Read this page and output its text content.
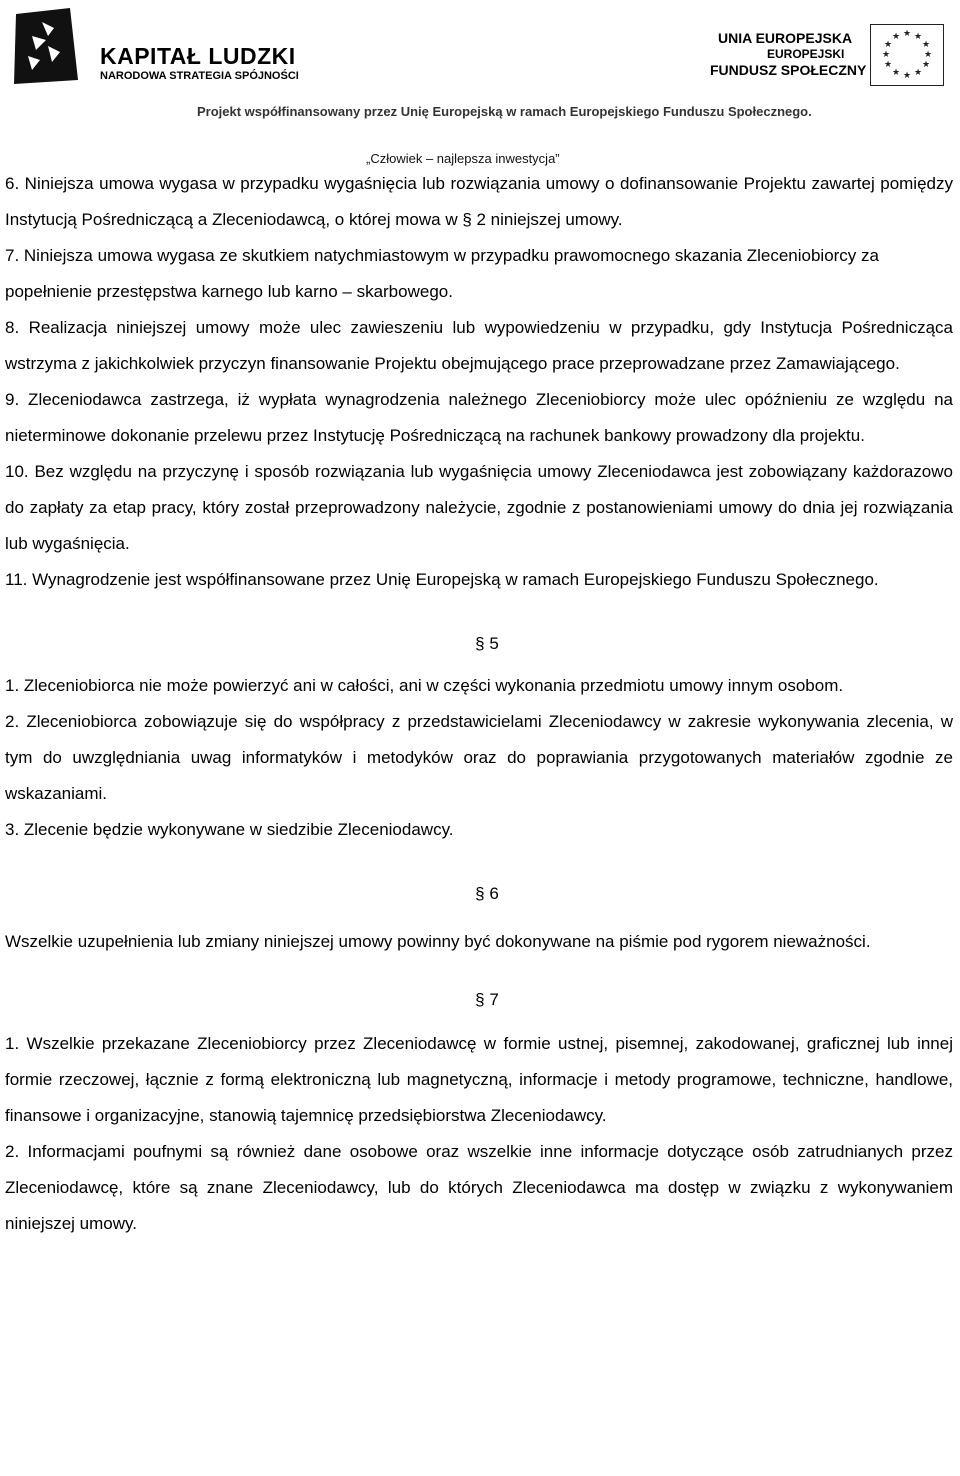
KAPITAŁ LUDZKI
NARODOWA STRATEGIA SPÓJNOŚCI
UNIA EUROPEJSKA
EUROPEJSKI
FUNDUSZ SPOŁECZNY
★ ★
★
★
★
★
★
★
★
★
★
★
Projekt współfinansowany przez Unię Europejską w ramach Europejskiego Funduszu Społecznego.
„Człowiek – najlepsza inwestycja”

6. Niniejsza umowa wygasa w przypadku wygaśnięcia lub rozwiązania umowy o dofinansowanie Projektu zawartej pomiędzy Instytucją Pośredniczącą a Zleceniodawcą, o której mowa w § 2 niniejszej umowy.

7. Niniejsza umowa wygasa ze skutkiem natychmiastowym w przypadku prawomocnego skazania Zleceniobiorcy za popełnienie przestępstwa karnego lub karno – skarbowego.

8. Realizacja niniejszej umowy może ulec zawieszeniu lub wypowiedzeniu w przypadku, gdy Instytucja Pośrednicząca wstrzyma z jakichkolwiek przyczyn finansowanie Projektu obejmującego prace przeprowadzane przez Zamawiającego.

9. Zleceniodawca zastrzega, iż wypłata wynagrodzenia należnego Zleceniobiorcy może ulec opóźnieniu ze względu na nieterminowe dokonanie przelewu przez Instytucję Pośredniczącą na rachunek bankowy prowadzony dla projektu.

10. Bez względu na przyczynę i sposób rozwiązania lub wygaśnięcia umowy Zleceniodawca jest zobowiązany każdorazowo do zapłaty za etap pracy, który został przeprowadzony należycie, zgodnie z postanowieniami umowy do dnia jej rozwiązania lub wygaśnięcia.

11. Wynagrodzenie jest współfinansowane przez Unię Europejską w ramach Europejskiego Funduszu Społecznego.

§ 5

1. Zleceniobiorca nie może powierzyć ani w całości, ani w części wykonania przedmiotu umowy innym osobom.

2. Zleceniobiorca zobowiązuje się do współpracy z przedstawicielami Zleceniodawcy w zakresie wykonywania zlecenia, w tym do uwzględniania uwag informatyków i metodyków oraz do poprawiania przygotowanych materiałów zgodnie ze wskazaniami.

3. Zlecenie będzie wykonywane w siedzibie Zleceniodawcy.

§ 6

Wszelkie uzupełnienia lub zmiany niniejszej umowy powinny być dokonywane na piśmie pod rygorem nieważności.

§ 7

1. Wszelkie przekazane Zleceniobiorcy przez Zleceniodawcę w formie ustnej, pisemnej, zakodowanej, graficznej lub innej formie rzeczowej, łącznie z formą elektroniczną lub magnetyczną, informacje i metody programowe, techniczne, handlowe, finansowe i organizacyjne, stanowią tajemnicę przedsiębiorstwa Zleceniodawcy.

2. Informacjami poufnymi są również dane osobowe oraz wszelkie inne informacje dotyczące osób zatrudnianych przez Zleceniodawcę, które są znane Zleceniodawcy, lub do których Zleceniodawca ma dostęp w związku z wykonywaniem niniejszej umowy.
